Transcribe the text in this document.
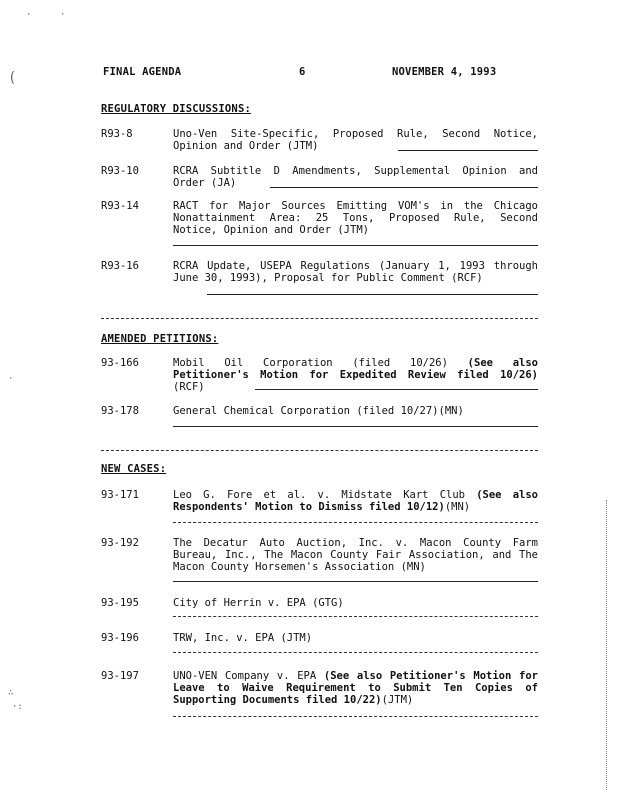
·	·
(
·
∴
·:
FINAL AGENDA	6	NOVEMBER 4, 1993
REGULATORY DISCUSSIONS:
R93-8	Uno-Ven Site-Specific, Proposed Rule, Second Notice, Opinion and Order (JTM)
R93-10	RCRA Subtitle D Amendments, Supplemental Opinion and Order (JA)
R93-14	RACT for Major Sources Emitting VOM's in the Chicago Nonattainment Area: 25 Tons, Proposed Rule, Second Notice, Opinion and Order (JTM)
R93-16	RCRA Update, USEPA Regulations (January 1, 1993 through June 30, 1993), Proposal for Public Comment (RCF)
AMENDED PETITIONS:
93-166	Mobil Oil Corporation (filed 10/26) (See also Petitioner's Motion for Expedited Review filed 10/26)(RCF)
93-178	General Chemical Corporation (filed 10/27)(MN)
NEW CASES:
93-171	Leo G. Fore et al. v. Midstate Kart Club (See also Respondents' Motion to Dismiss filed 10/12)(MN)
93-192	The Decatur Auto Auction, Inc. v. Macon County Farm Bureau, Inc., The Macon County Fair Association, and The Macon County Horsemen's Association (MN)
93-195	City of Herrin v. EPA (GTG)
93-196	TRW, Inc. v. EPA (JTM)
93-197	UNO-VEN Company v. EPA (See also Petitioner's Motion for Leave to Waive Requirement to Submit Ten Copies of Supporting Documents filed 10/22)(JTM)
